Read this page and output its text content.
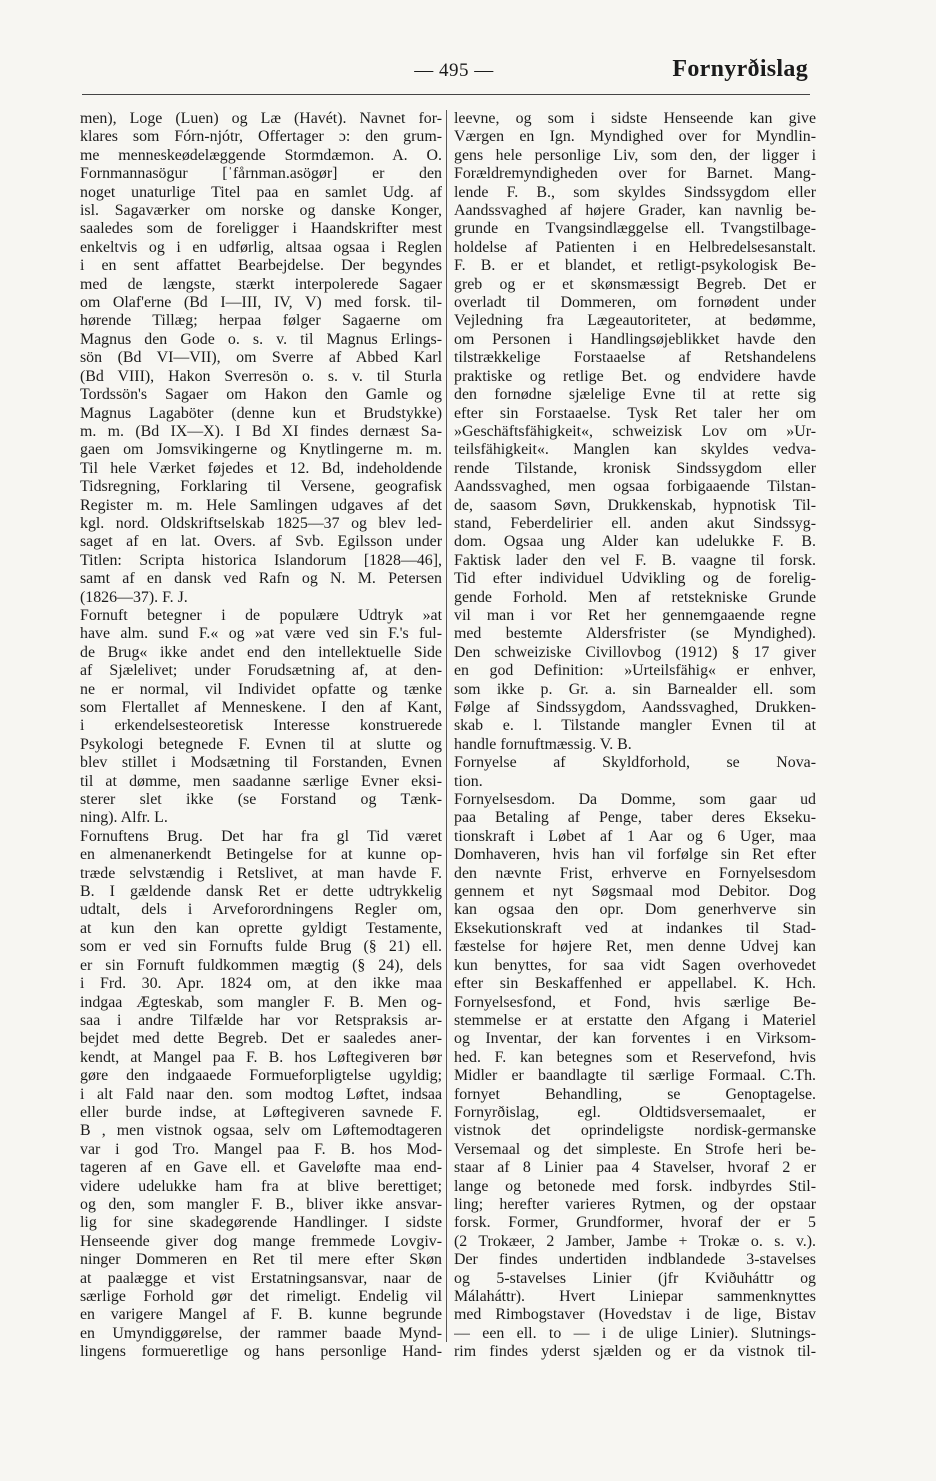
— 495 —	Fornyrðislag
men), Loge (Luen) og Læ (Havét). Navnet for-
klares som Fórn-njótr, Offertager ɔ: den grum-
me menneskeødelæggende Stormdæmon. A. O.
Fornmannasögur [ˈfårnman.asögør] er den
noget unaturlige Titel paa en samlet Udg. af
isl. Sagaværker om norske og danske Konger,
saaledes som de foreligger i Haandskrifter mest
enkeltvis og i en udførlig, altsaa ogsaa i Reglen
i en sent affattet Bearbejdelse. Der begyndes
med de længste, stærkt interpolerede Sagaer
om Olaf'erne (Bd I—III, IV, V) med forsk. til-
hørende Tillæg; herpaa følger Sagaerne om
Magnus den Gode o. s. v. til Magnus Erlings-
sön (Bd VI—VII), om Sverre af Abbed Karl
(Bd VIII), Hakon Sverresön o. s. v. til Sturla
Tordssön's Sagaer om Hakon den Gamle og
Magnus Lagaböter (denne kun et Brudstykke)
m. m. (Bd IX—X). I Bd XI findes dernæst Sa-
gaen om Jomsvikingerne og Knytlingerne m. m.
Til hele Værket føjedes et 12. Bd, indeholdende
Tidsregning, Forklaring til Versene, geografisk
Register m. m. Hele Samlingen udgaves af det
kgl. nord. Oldskriftselskab 1825—37 og blev led-
saget af en lat. Overs. af Svb. Egilsson under
Titlen: Scripta historica Islandorum [1828—46],
samt af en dansk ved Rafn og N. M. Petersen
(1826—37). F. J.
Fornuft betegner i de populære Udtryk »at
have alm. sund F.« og »at være ved sin F.'s ful-
de Brug« ikke andet end den intellektuelle Side
af Sjælelivet; under Forudsætning af, at den-
ne er normal, vil Individet opfatte og tænke
som Flertallet af Menneskene. I den af Kant,
i erkendelsesteoretisk Interesse konstruerede
Psykologi betegnede F. Evnen til at slutte og
blev stillet i Modsætning til Forstanden, Evnen
til at dømme, men saadanne særlige Evner eksi-
sterer slet ikke (se Forstand og Tænk-
ning). Alfr. L.
Fornuftens Brug. Det har fra gl Tid været
en almenanerkendt Betingelse for at kunne op-
træde selvstændig i Retslivet, at man havde F.
B. I gældende dansk Ret er dette udtrykkelig
udtalt, dels i Arveforordningens Regler om,
at kun den kan oprette gyldigt Testamente,
som er ved sin Fornufts fulde Brug (§ 21) ell.
er sin Fornuft fuldkommen mægtig (§ 24), dels
i Frd. 30. Apr. 1824 om, at den ikke maa
indgaa Ægteskab, som mangler F. B. Men og-
saa i andre Tilfælde har vor Retspraksis ar-
bejdet med dette Begreb. Det er saaledes aner-
kendt, at Mangel paa F. B. hos Løftegiveren bør
gøre den indgaaede Formueforpligtelse ugyldig;
i alt Fald naar den. som modtog Løftet, indsaa
eller burde indse, at Løftegiveren savnede F.
B , men vistnok ogsaa, selv om Løftemodtageren
var i god Tro. Mangel paa F. B. hos Mod-
tageren af en Gave ell. et Gaveløfte maa end-
videre udelukke ham fra at blive berettiget;
og den, som mangler F. B., bliver ikke ansvar-
lig for sine skadegørende Handlinger. I sidste
Henseende giver dog mange fremmede Lovgiv-
ninger Dommeren en Ret til mere efter Skøn
at paalægge et vist Erstatningsansvar, naar de
særlige Forhold gør det rimeligt. Endelig vil
en varigere Mangel af F. B. kunne begrunde
en Umyndiggørelse, der rammer baade Mynd-
lingens formueretlige og hans personlige Hand-
leevne, og som i sidste Henseende kan give
Værgen en Ign. Myndighed over for Myndlin-
gens hele personlige Liv, som den, der ligger i
Forældremyndigheden over for Barnet. Mang-
lende F. B., som skyldes Sindssygdom eller
Aandssvaghed af højere Grader, kan navnlig be-
grunde en Tvangsindlæggelse ell. Tvangstilbage-
holdelse af Patienten i en Helbredelsesanstalt.
F. B. er et blandet, et retligt-psykologisk Be-
greb og er et skønsmæssigt Begreb. Det er
overladt til Dommeren, om fornødent under
Vejledning fra Lægeautoriteter, at bedømme,
om Personen i Handlingsøjeblikket havde den
tilstrækkelige Forstaaelse af Retshandelens
praktiske og retlige Bet. og endvidere havde
den fornødne sjælelige Evne til at rette sig
efter sin Forstaaelse. Tysk Ret taler her om
»Geschäftsfähigkeit«, schweizisk Lov om »Ur-
teilsfähigkeit«. Manglen kan skyldes vedva-
rende Tilstande, kronisk Sindssygdom eller
Aandssvaghed, men ogsaa forbigaaende Tilstan-
de, saasom Søvn, Drukkenskab, hypnotisk Til-
stand, Feberdelirier ell. anden akut Sindssyg-
dom. Ogsaa ung Alder kan udelukke F. B.
Faktisk lader den vel F. B. vaagne til forsk.
Tid efter individuel Udvikling og de forelig-
gende Forhold. Men af retstekniske Grunde
vil man i vor Ret her gennemgaaende regne
med bestemte Aldersfrister (se Myndighed).
Den schweiziske Civillovbog (1912) § 17 giver
en god Definition: »Urteilsfähig« er enhver,
som ikke p. Gr. a. sin Barnealder ell. som
Følge af Sindssygdom, Aandssvaghed, Drukken-
skab e. l. Tilstande mangler Evnen til at
handle fornuftmæssig. V. B.
Fornyelse af Skyldforhold, se Nova-
tion.
Fornyelsesdom. Da Domme, som gaar ud
paa Betaling af Penge, taber deres Ekseku-
tionskraft i Løbet af 1 Aar og 6 Uger, maa
Domhaveren, hvis han vil forfølge sin Ret efter
den nævnte Frist, erhverve en Fornyelsesdom
gennem et nyt Søgsmaal mod Debitor. Dog
kan ogsaa den opr. Dom generhverve sin
Eksekutionskraft ved at indankes til Stad-
fæstelse for højere Ret, men denne Udvej kan
kun benyttes, for saa vidt Sagen overhovedet
efter sin Beskaffenhed er appellabel. K. Hch.
Fornyelsesfond, et Fond, hvis særlige Be-
stemmelse er at erstatte den Afgang i Materiel
og Inventar, der kan forventes i en Virksom-
hed. F. kan betegnes som et Reservefond, hvis
Midler er baandlagte til særlige Formaal. C.Th.
fornyet Behandling, se Genoptagelse.
Fornyrðislag, egl. Oldtidsversemaalet, er
vistnok det oprindeligste nordisk-germanske
Versemaal og det simpleste. En Strofe heri be-
staar af 8 Linier paa 4 Stavelser, hvoraf 2 er
lange og betonede med forsk. indbyrdes Stil-
ling; herefter varieres Rytmen, og der opstaar
forsk. Former, Grundformer, hvoraf der er 5
(2 Trokæer, 2 Jamber, Jambe + Trokæ o. s. v.).
Der findes undertiden indblandede 3-stavelses
og 5-stavelses Linier (jfr Kviðuháttr og
Málaháttr). Hvert Liniepar sammenknyttes
med Rimbogstaver (Hovedstav i de lige, Bistav
— een ell. to — i de ulige Linier). Slutnings-
rim findes yderst sjælden og er da vistnok til-
